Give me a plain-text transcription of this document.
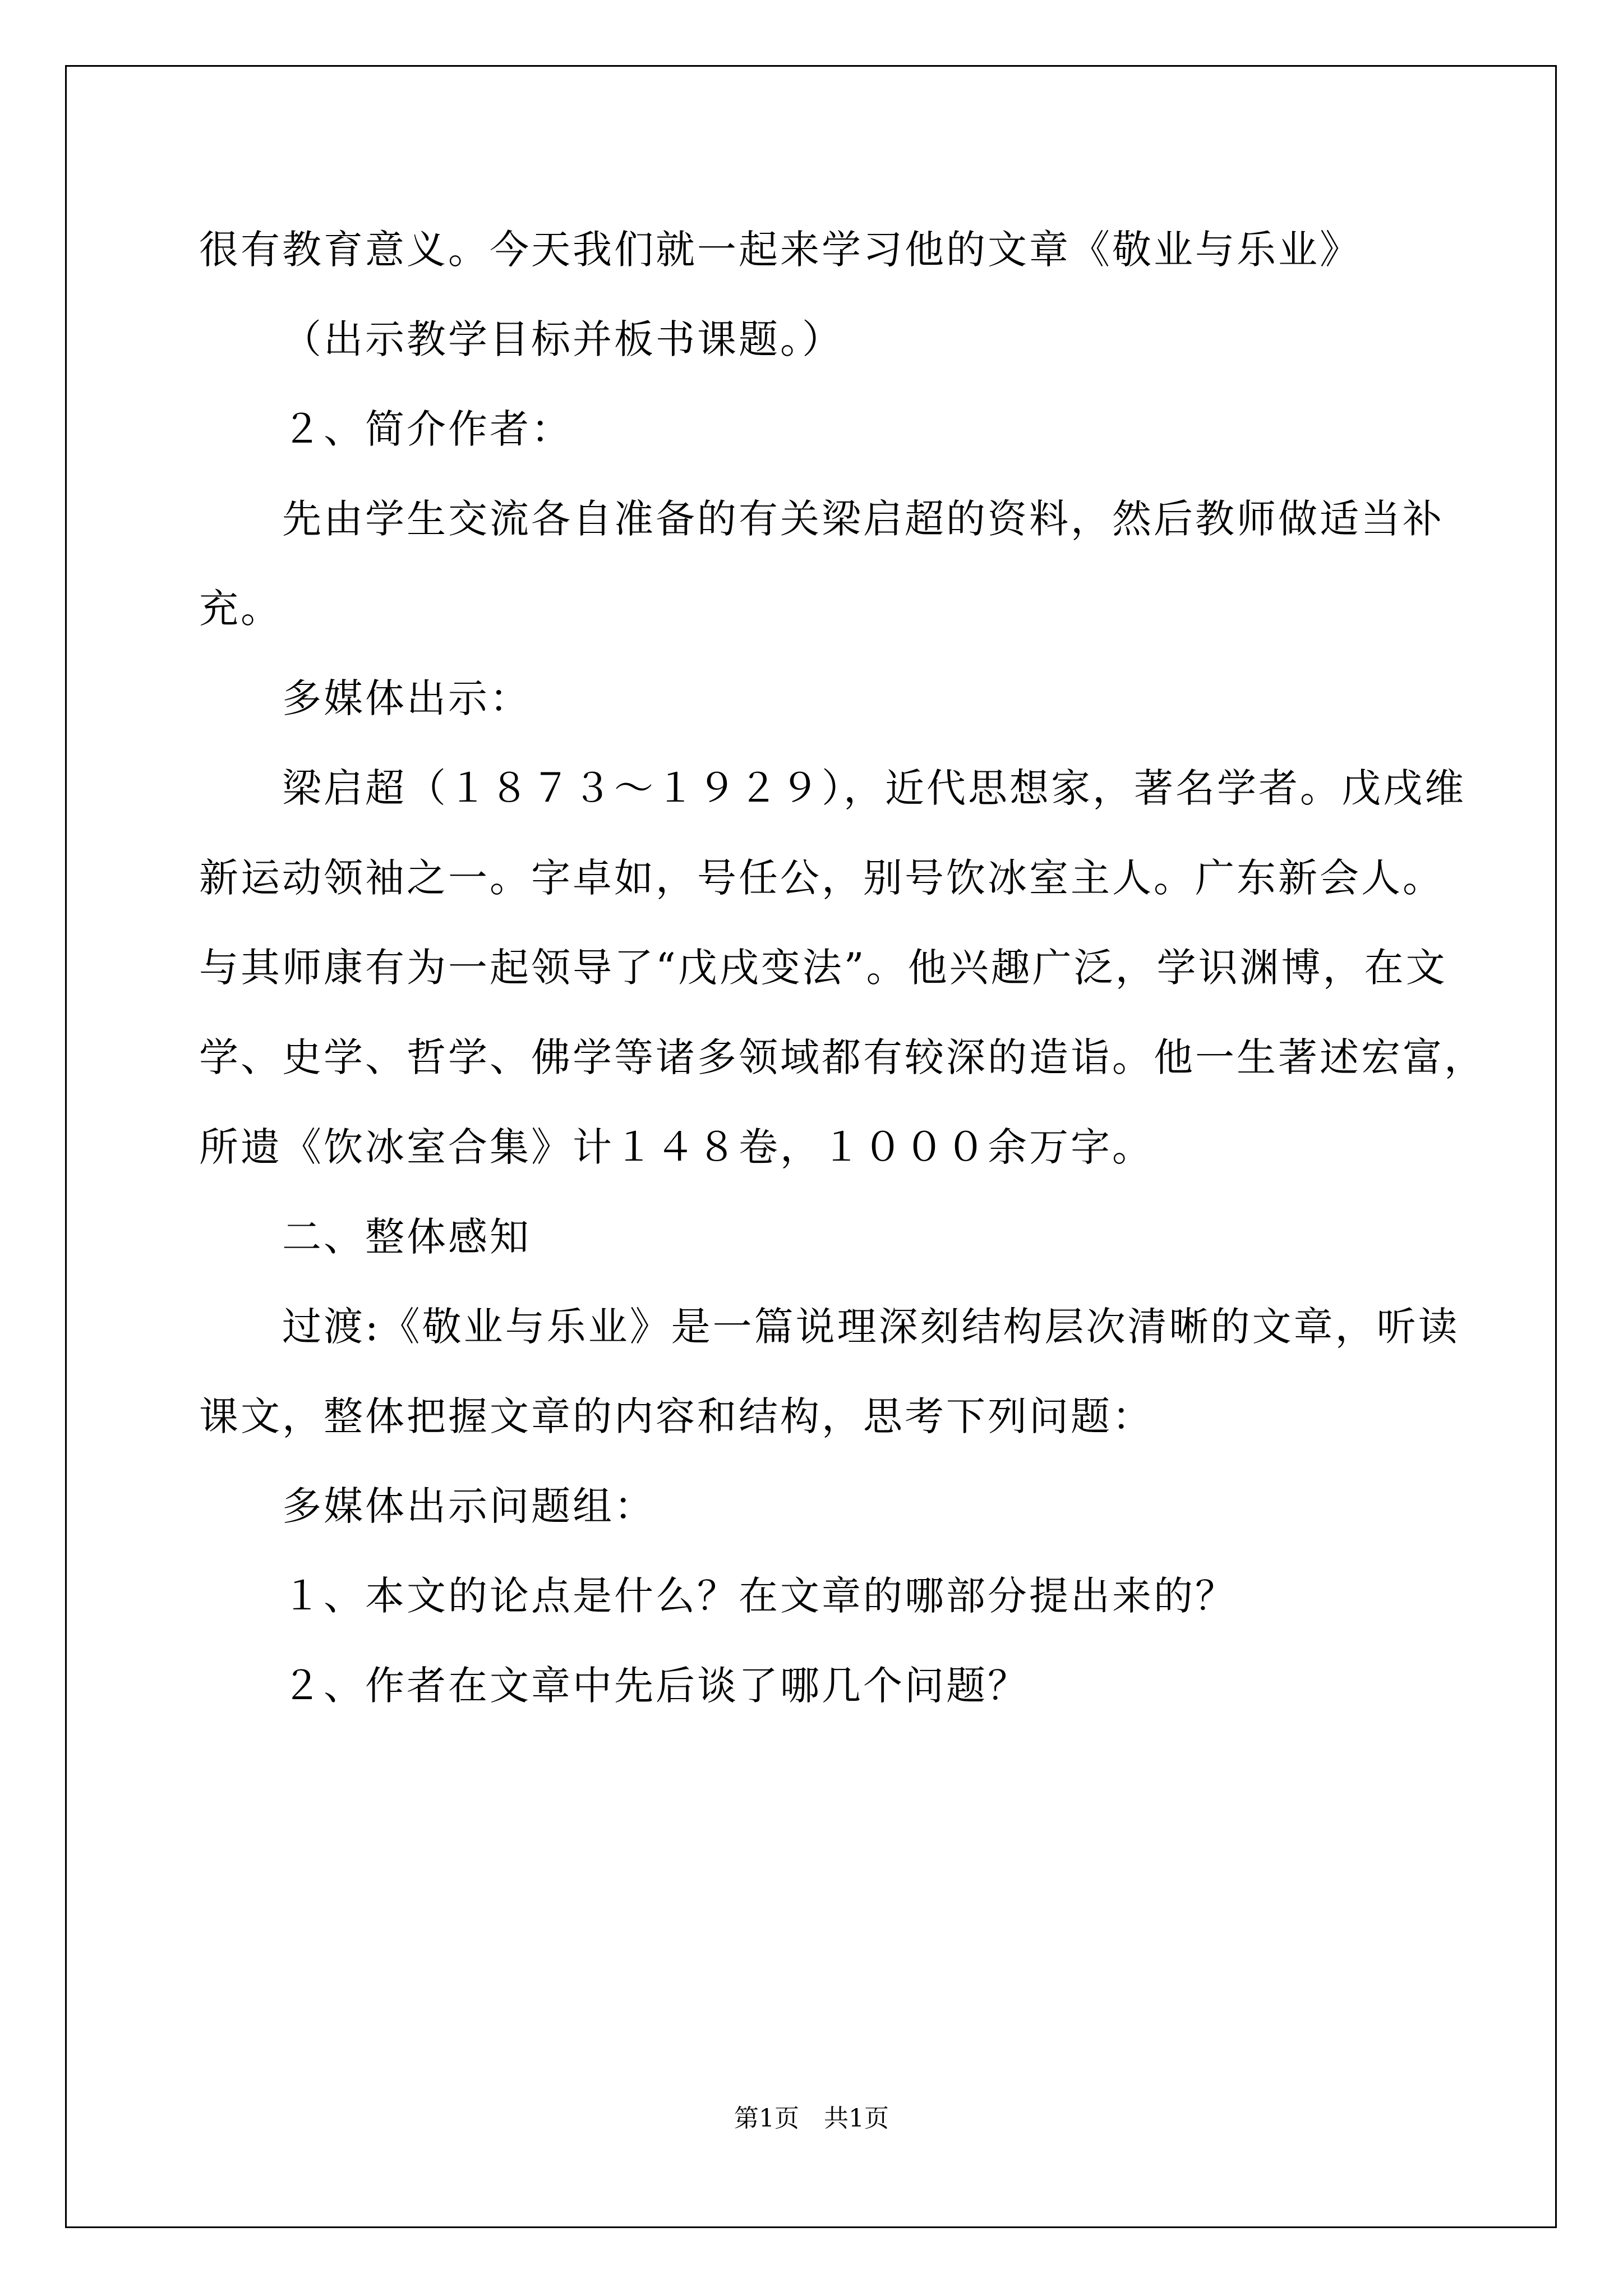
很有教育意义。今天我们就一起来学习他的文章《敬业与乐业》
（出示教学目标并板书课题。）
２、简介作者：
先由学生交流各自准备的有关梁启超的资料，然后教师做适当补
充。
多媒体出示：
梁启超（１８７３～１９２９），近代思想家，著名学者。戊戌维
新运动领袖之一。字卓如，号任公，别号饮冰室主人。广东新会人。
与其师康有为一起领导了“戊戌变法”。他兴趣广泛，学识渊博，在文
学、史学、哲学、佛学等诸多领域都有较深的造诣。他一生著述宏富，
所遗《饮冰室合集》计１４８卷，１０００余万字。
二、整体感知
过渡:《敬业与乐业》是一篇说理深刻结构层次清晰的文章，听读
课文，整体把握文章的内容和结构，思考下列问题：
多媒体出示问题组：
１、本文的论点是什么？在文章的哪部分提出来的？
２、作者在文章中先后谈了哪几个问题？
第1页　共1页
